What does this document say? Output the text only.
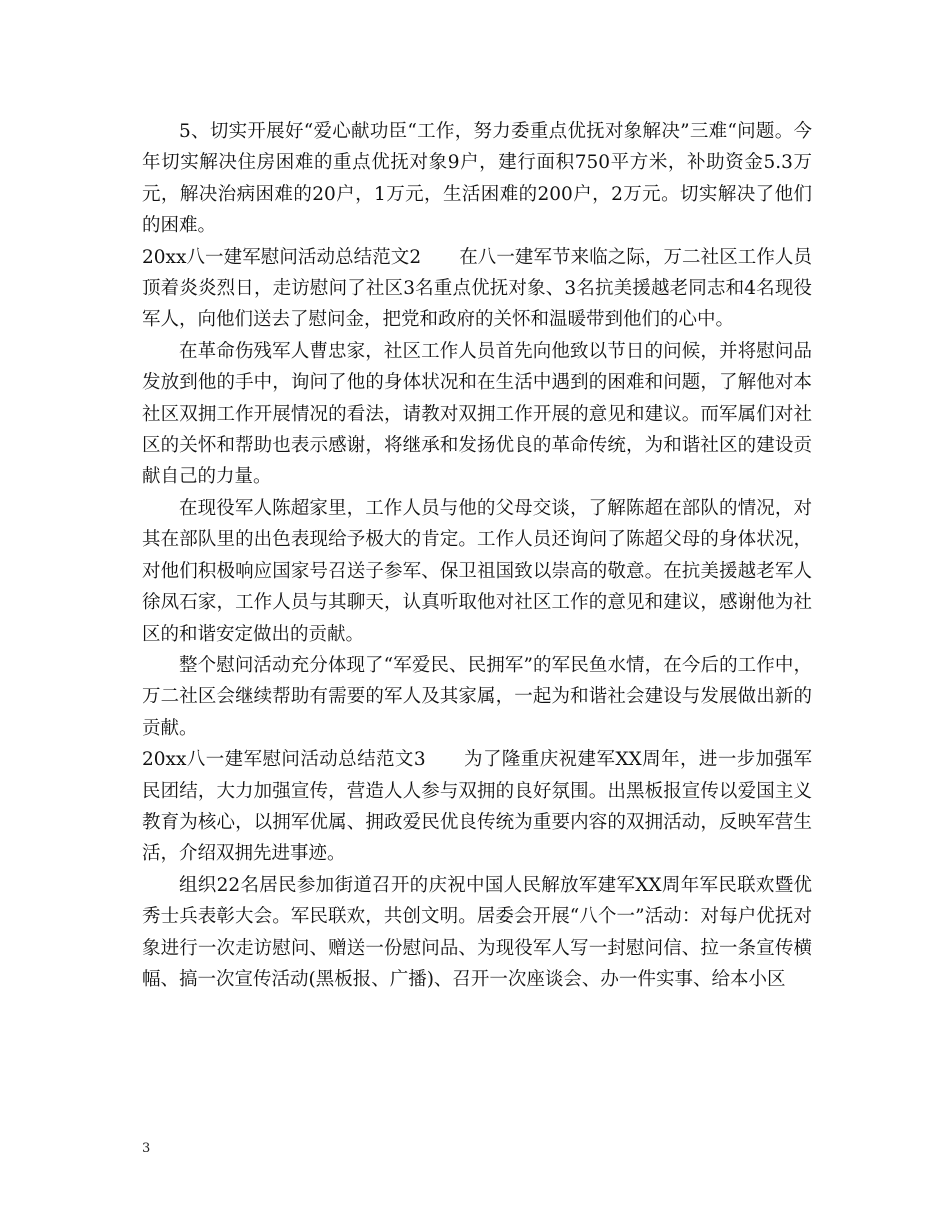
5、切实开展好“爱心献功臣“工作，努力委重点优抚对象解决”三难“问题。今年切实解决住房困难的重点优抚对象9户，建行面积750平方米，补助资金5.3万元，解决治病困难的20户，1万元，生活困难的200户，2万元。切实解决了他们的困难。

20xx八一建军慰问活动总结范文2 在八一建军节来临之际，万二社区工作人员顶着炎炎烈日，走访慰问了社区3名重点优抚对象、3名抗美援越老同志和4名现役军人，向他们送去了慰问金，把党和政府的关怀和温暖带到他们的心中。

在革命伤残军人曹忠家，社区工作人员首先向他致以节日的问候，并将慰问品发放到他的手中，询问了他的身体状况和在生活中遇到的困难和问题，了解他对本社区双拥工作开展情况的看法，请教对双拥工作开展的意见和建议。而军属们对社区的关怀和帮助也表示感谢，将继承和发扬优良的革命传统，为和谐社区的建设贡献自己的力量。

在现役军人陈超家里，工作人员与他的父母交谈，了解陈超在部队的情况，对其在部队里的出色表现给予极大的肯定。工作人员还询问了陈超父母的身体状况，对他们积极响应国家号召送子参军、保卫祖国致以崇高的敬意。在抗美援越老军人徐凤石家，工作人员与其聊天，认真听取他对社区工作的意见和建议，感谢他为社区的和谐安定做出的贡献。

整个慰问活动充分体现了“军爱民、民拥军”的军民鱼水情，在今后的工作中，万二社区会继续帮助有需要的军人及其家属，一起为和谐社会建设与发展做出新的贡献。

20xx八一建军慰问活动总结范文3 为了隆重庆祝建军XX周年，进一步加强军民团结，大力加强宣传，营造人人参与双拥的良好氛围。出黑板报宣传以爱国主义教育为核心，以拥军优属、拥政爱民优良传统为重要内容的双拥活动，反映军营生活，介绍双拥先进事迹。

组织22名居民参加街道召开的庆祝中国人民解放军建军XX周年军民联欢暨优秀士兵表彰大会。军民联欢，共创文明。居委会开展“八个一”活动：对每户优抚对象进行一次走访慰问、赠送一份慰问品、为现役军人写一封慰问信、拉一条宣传横幅、搞一次宣传活动(黑板报、广播)、召开一次座谈会、办一件实事、给本小区

3
